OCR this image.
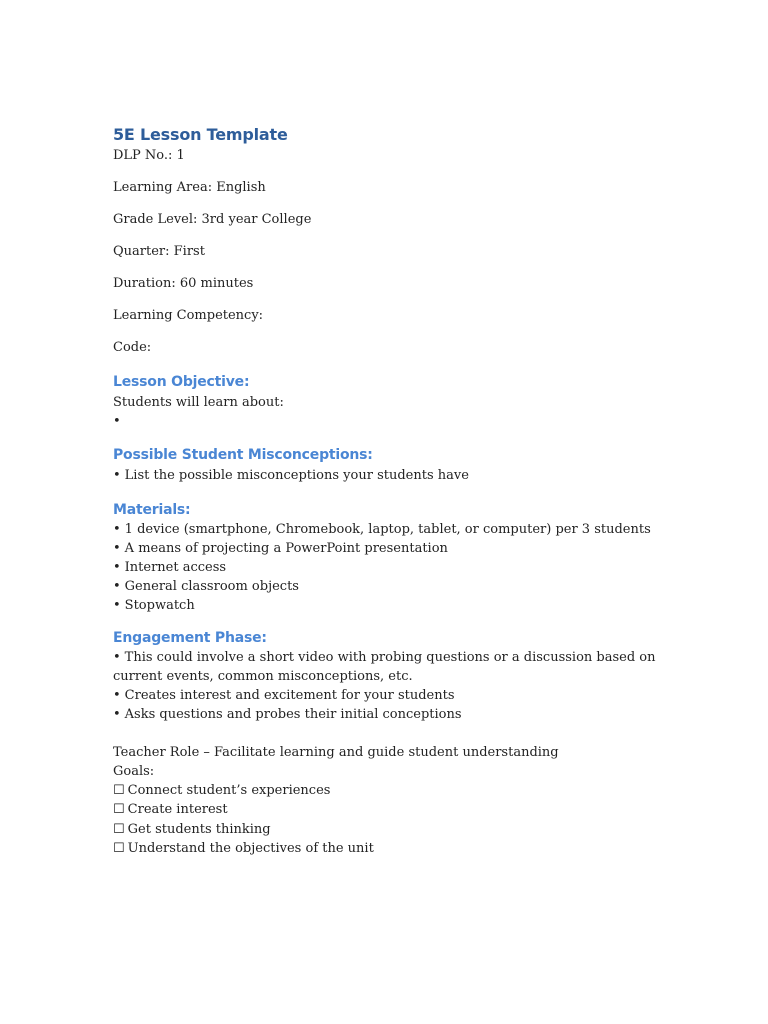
5E Lesson Template

DLP No.: 1

Learning Area: English

Grade Level: 3rd year College

Quarter: First

Duration: 60 minutes

Learning Competency:

Code:

Lesson Objective:

Students will learn about:

•
Possible Student Misconceptions:
• List the possible misconceptions your students have
Materials:
• 1 device (smartphone, Chromebook, laptop, tablet, or computer) per 3 students
• A means of projecting a PowerPoint presentation
• Internet access
• General classroom objects
• Stopwatch
Engagement Phase:
• This could involve a short video with probing questions or a discussion based on current events, common misconceptions, etc.
• Creates interest and excitement for your students
• Asks questions and probes their initial conceptions

Teacher Role – Facilitate learning and guide student understanding

Goals:

☐ Connect student’s experiences
☐ Create interest
☐ Get students thinking
☐ Understand the objectives of the unit
